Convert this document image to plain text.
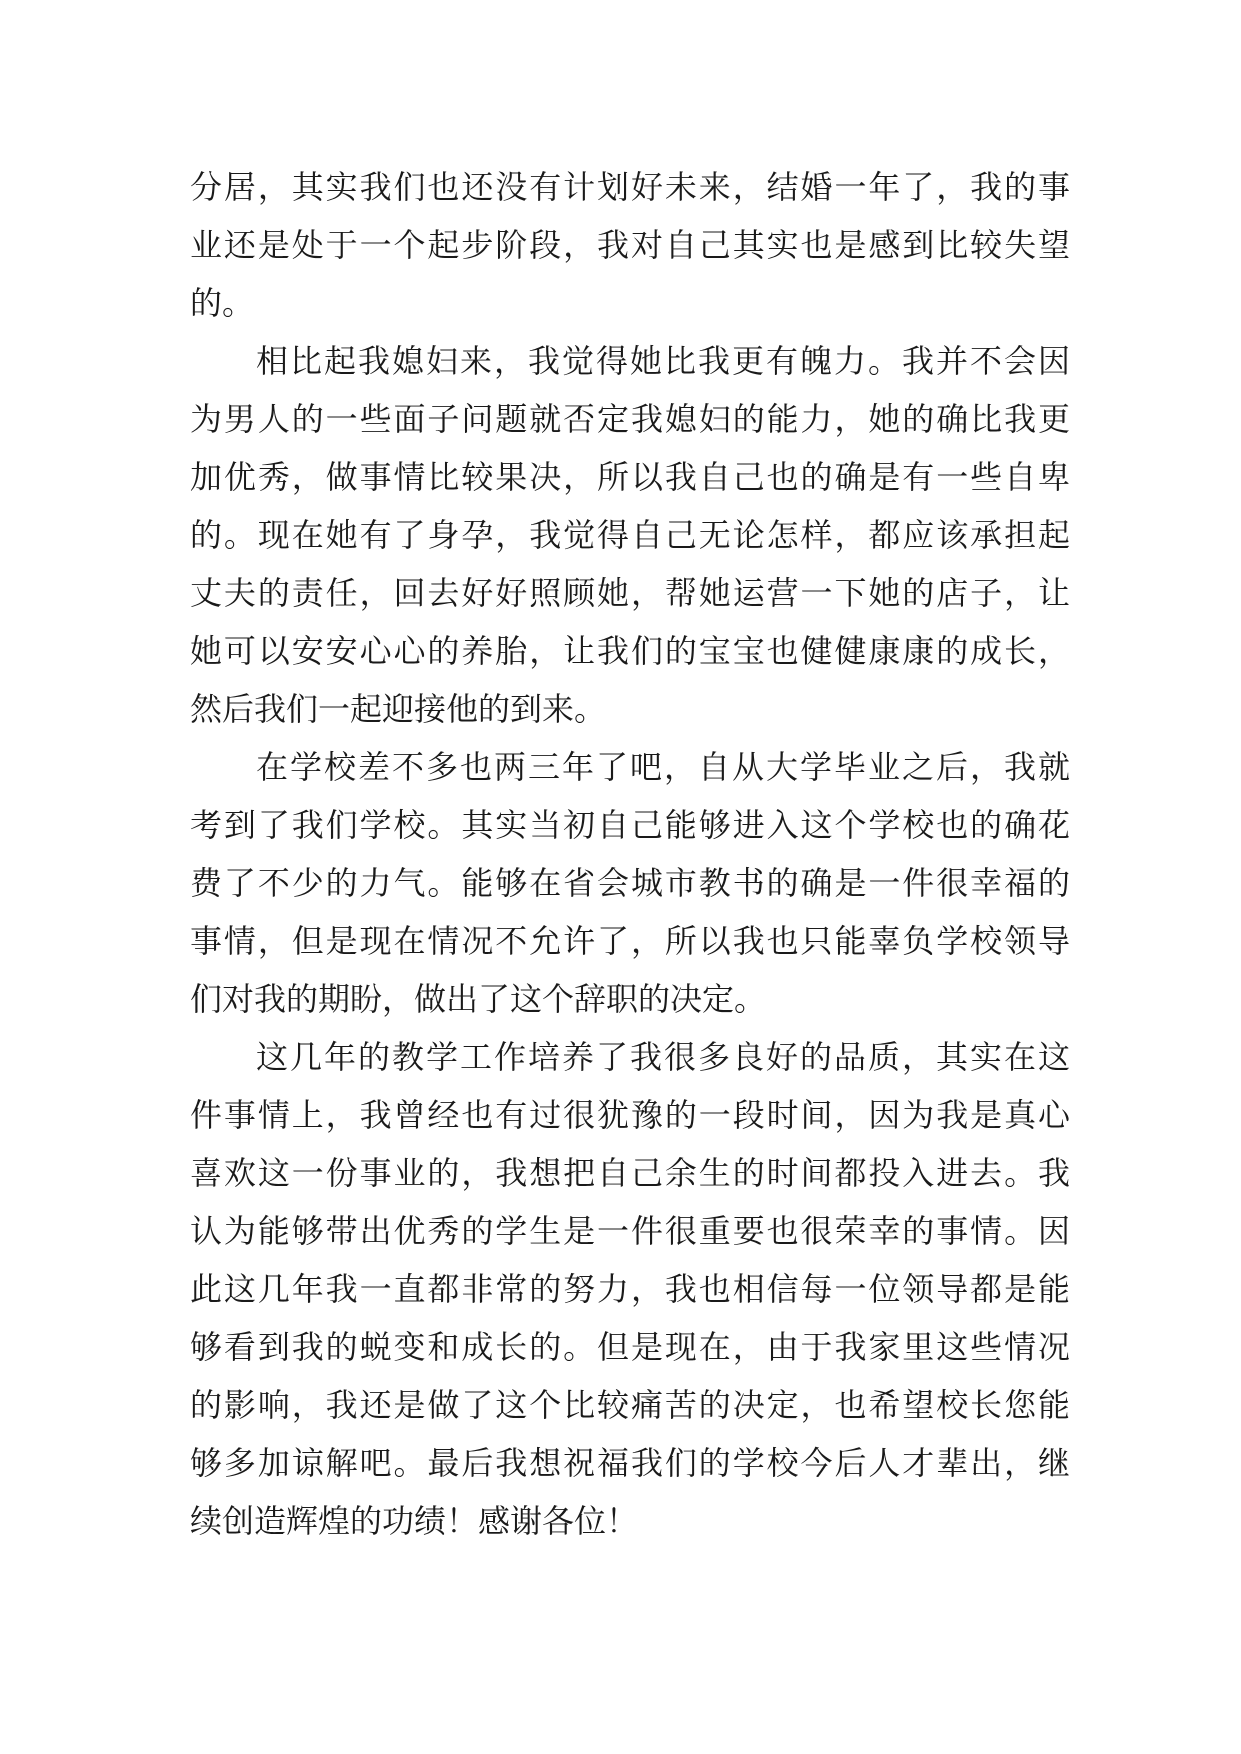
分居，其实我们也还没有计划好未来，结婚一年了，我的事
业还是处于一个起步阶段，我对自己其实也是感到比较失望
的。
相比起我媳妇来，我觉得她比我更有魄力。我并不会因
为男人的一些面子问题就否定我媳妇的能力，她的确比我更
加优秀，做事情比较果决，所以我自己也的确是有一些自卑
的。现在她有了身孕，我觉得自己无论怎样，都应该承担起
丈夫的责任，回去好好照顾她，帮她运营一下她的店子，让
她可以安安心心的养胎，让我们的宝宝也健健康康的成长，
然后我们一起迎接他的到来。
在学校差不多也两三年了吧，自从大学毕业之后，我就
考到了我们学校。其实当初自己能够进入这个学校也的确花
费了不少的力气。能够在省会城市教书的确是一件很幸福的
事情，但是现在情况不允许了，所以我也只能辜负学校领导
们对我的期盼，做出了这个辞职的决定。
这几年的教学工作培养了我很多良好的品质，其实在这
件事情上，我曾经也有过很犹豫的一段时间，因为我是真心
喜欢这一份事业的，我想把自己余生的时间都投入进去。我
认为能够带出优秀的学生是一件很重要也很荣幸的事情。因
此这几年我一直都非常的努力，我也相信每一位领导都是能
够看到我的蜕变和成长的。但是现在，由于我家里这些情况
的影响，我还是做了这个比较痛苦的决定，也希望校长您能
够多加谅解吧。最后我想祝福我们的学校今后人才辈出，继
续创造辉煌的功绩！感谢各位！
